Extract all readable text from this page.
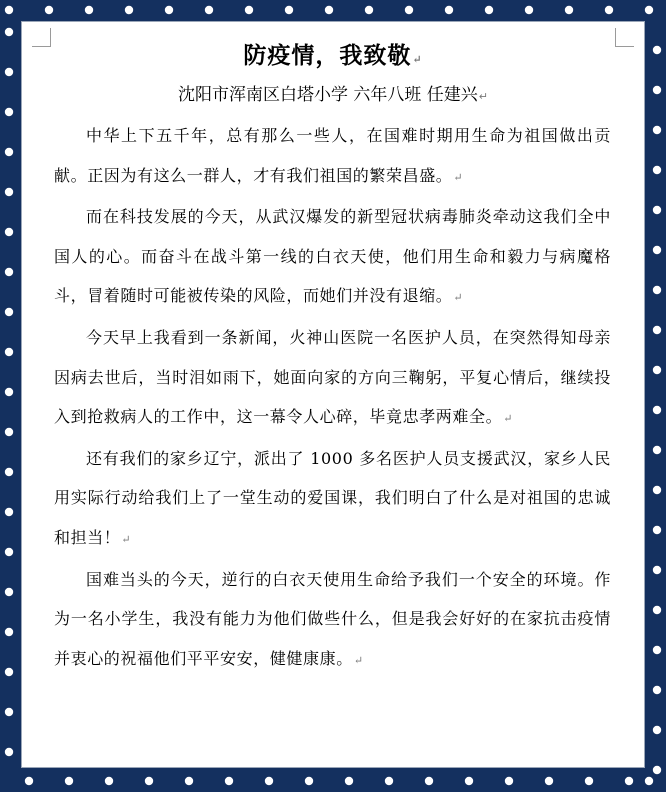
防疫情，我致敬↵
沈阳市浑南区白塔小学 六年八班 任建兴↵

中华上下五千年，总有那么一些人，在国难时期用生命为祖国做出贡献。正因为有这么一群人，才有我们祖国的繁荣昌盛。↵

而在科技发展的今天，从武汉爆发的新型冠状病毒肺炎牵动这我们全中国人的心。而奋斗在战斗第一线的白衣天使，他们用生命和毅力与病魔格斗，冒着随时可能被传染的风险，而她们并没有退缩。↵

今天早上我看到一条新闻，火神山医院一名医护人员，在突然得知母亲因病去世后，当时泪如雨下，她面向家的方向三鞠躬，平复心情后，继续投入到抢救病人的工作中，这一幕令人心碎，毕竟忠孝两难全。↵

还有我们的家乡辽宁，派出了 1000 多名医护人员支援武汉，家乡人民用实际行动给我们上了一堂生动的爱国课，我们明白了什么是对祖国的忠诚和担当！↵

国难当头的今天，逆行的白衣天使用生命给予我们一个安全的环境。作为一名小学生，我没有能力为他们做些什么，但是我会好好的在家抗击疫情并衷心的祝福他们平平安安，健健康康。↵
